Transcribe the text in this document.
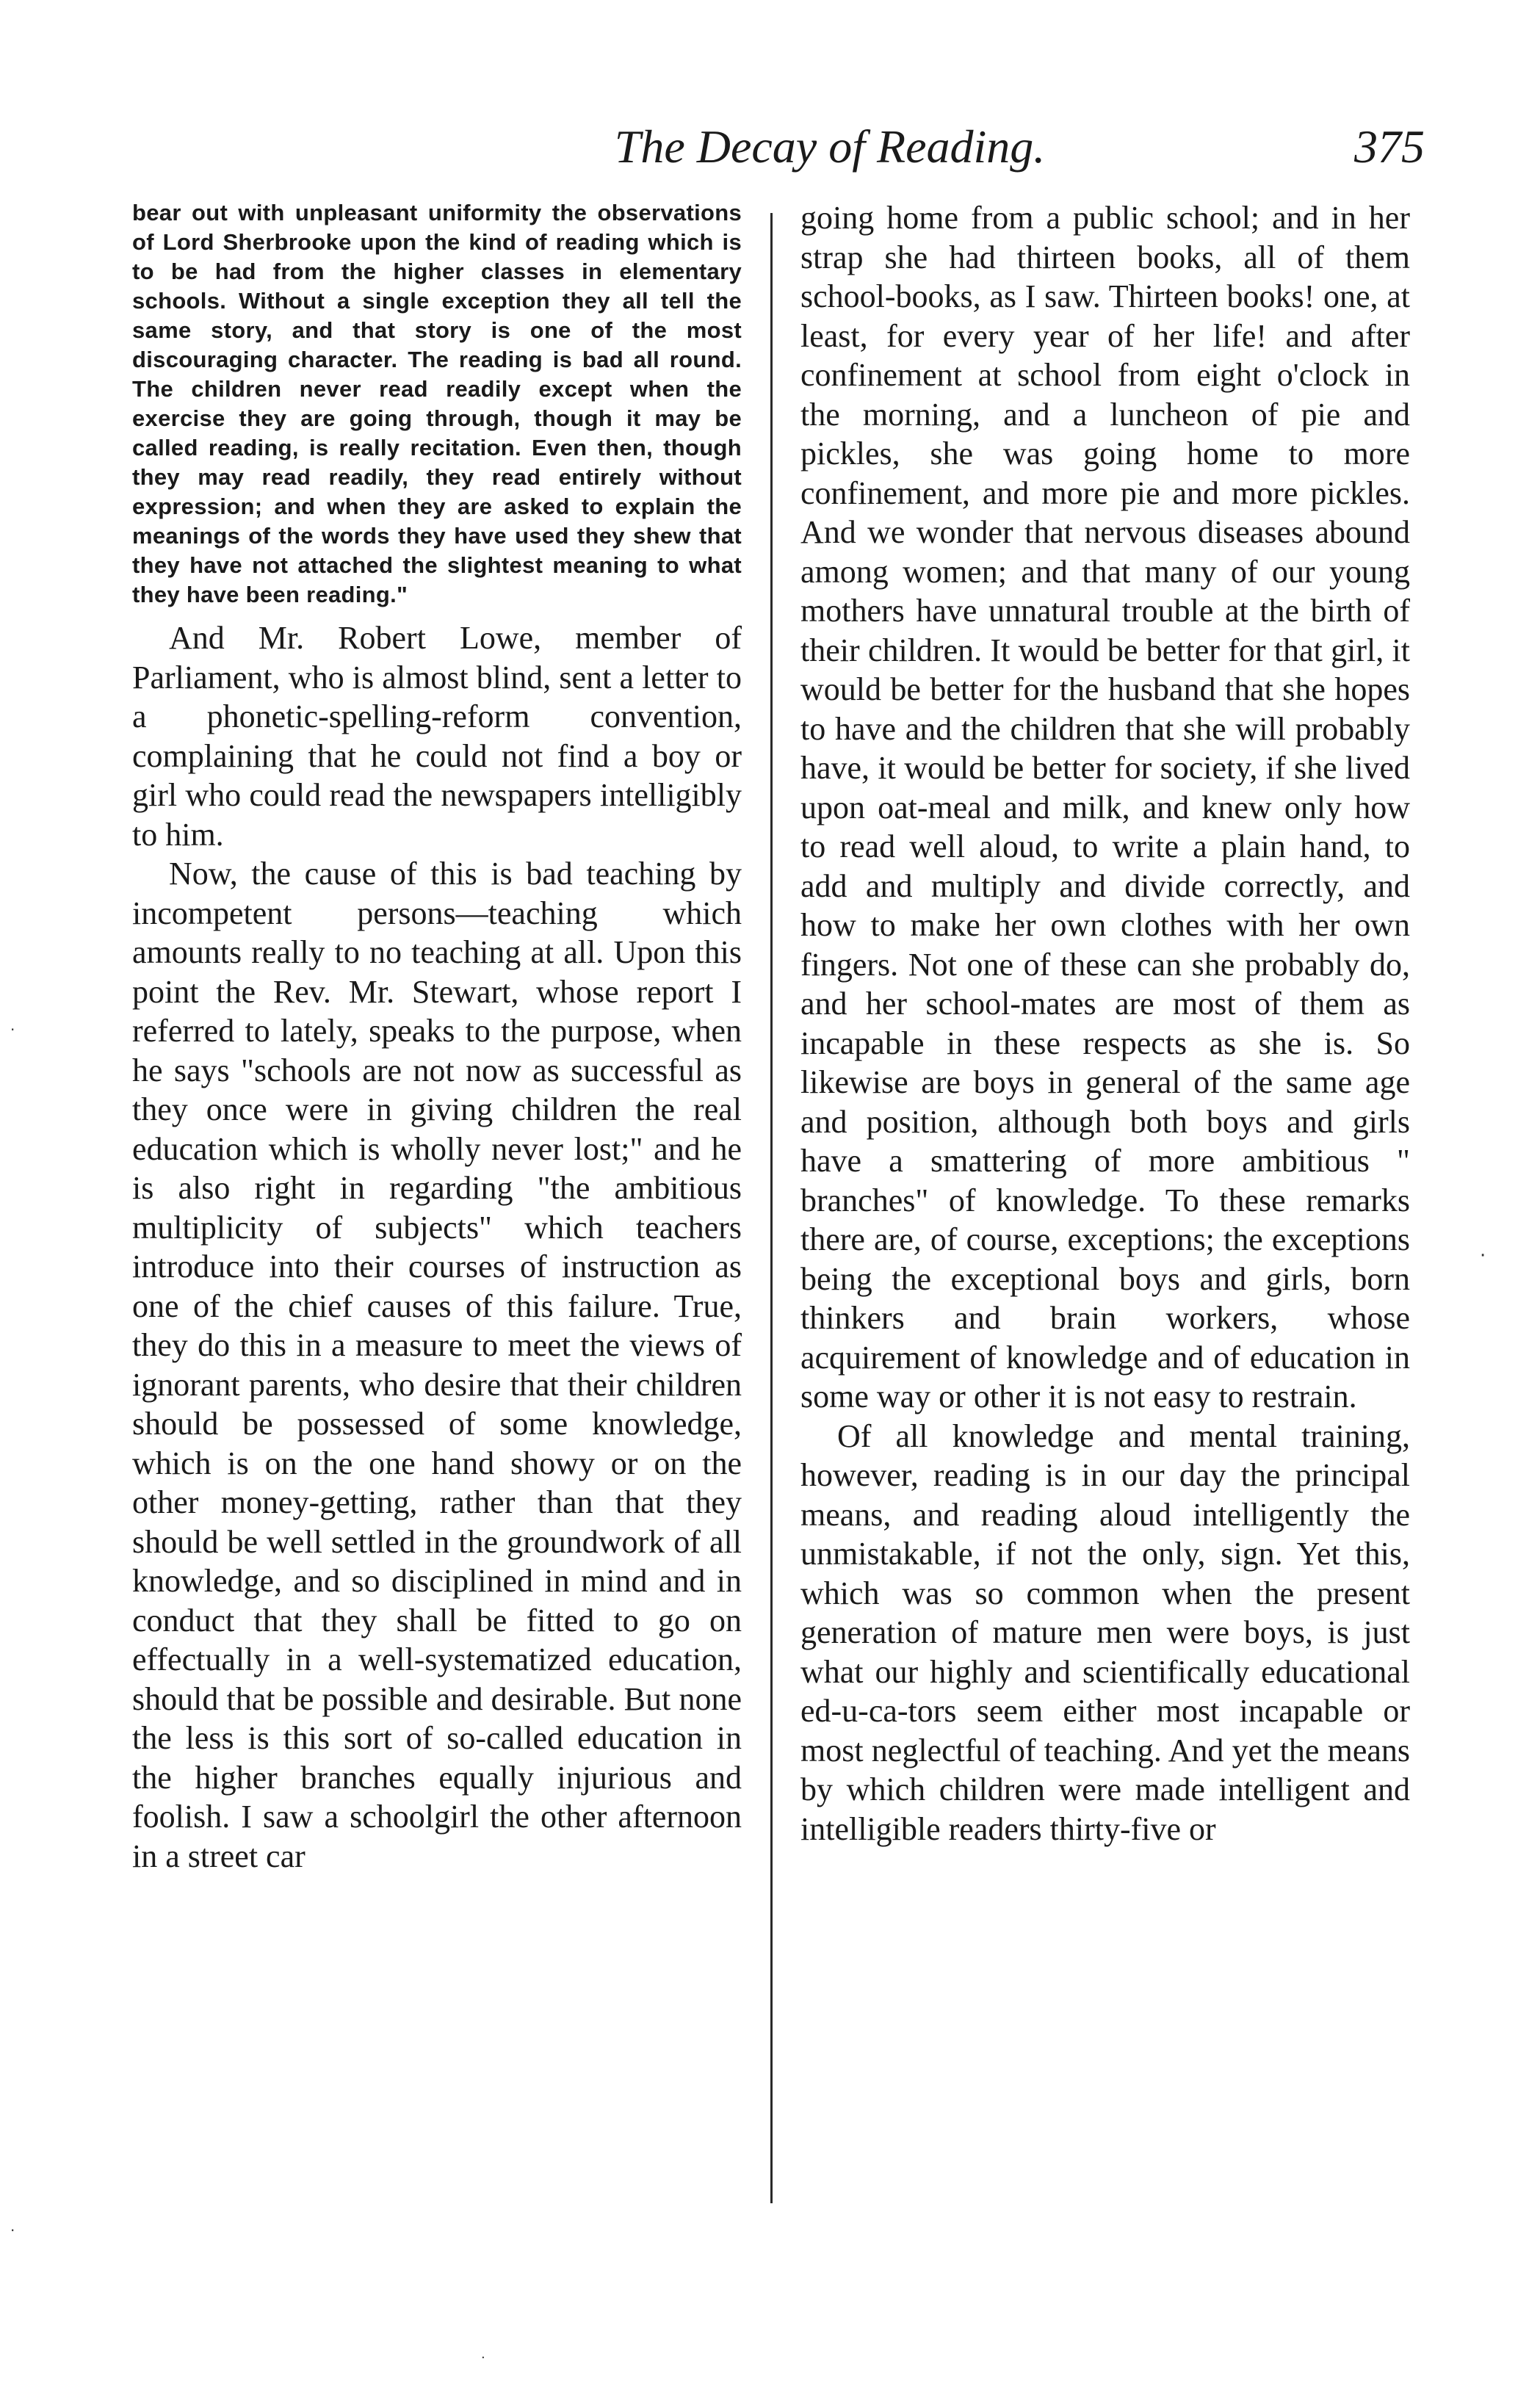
The Decay of Reading.	375

bear out with unpleasant uniformity the observations of Lord Sherbrooke upon the kind of reading which is to be had from the higher classes in elementary schools. Without a single exception they all tell the same story, and that story is one of the most discouraging character. The reading is bad all round. The children never read readily except when the exercise they are going through, though it may be called reading, is really recitation. Even then, though they may read readily, they read entirely without expression; and when they are asked to explain the meanings of the words they have used they shew that they have not attached the slightest meaning to what they have been reading."

And Mr. Robert Lowe, member of Parliament, who is almost blind, sent a letter to a phonetic-spelling-reform convention, complaining that he could not find a boy or girl who could read the newspapers intelligibly to him.

Now, the cause of this is bad teaching by incompetent persons—teaching which amounts really to no teaching at all. Upon this point the Rev. Mr. Stewart, whose report I referred to lately, speaks to the purpose, when he says "schools are not now as successful as they once were in giving children the real education which is wholly never lost;" and he is also right in regarding "the ambitious multiplicity of subjects" which teachers introduce into their courses of instruction as one of the chief causes of this failure. True, they do this in a measure to meet the views of ignorant parents, who desire that their children should be possessed of some knowledge, which is on the one hand showy or on the other money-getting, rather than that they should be well settled in the groundwork of all knowledge, and so disciplined in mind and in conduct that they shall be fitted to go on effectually in a well-systematized education, should that be possible and desirable. But none the less is this sort of so-called education in the higher branches equally injurious and foolish. I saw a schoolgirl the other afternoon in a street car

going home from a public school; and in her strap she had thirteen books, all of them school-books, as I saw. Thirteen books! one, at least, for every year of her life! and after confinement at school from eight o'clock in the morning, and a luncheon of pie and pickles, she was going home to more confinement, and more pie and more pickles. And we wonder that nervous diseases abound among women; and that many of our young mothers have unnatural trouble at the birth of their children. It would be better for that girl, it would be better for the husband that she hopes to have and the children that she will probably have, it would be better for society, if she lived upon oat-meal and milk, and knew only how to read well aloud, to write a plain hand, to add and multiply and divide correctly, and how to make her own clothes with her own fingers. Not one of these can she probably do, and her school-mates are most of them as incapable in these respects as she is. So likewise are boys in general of the same age and position, although both boys and girls have a smattering of more ambitious " branches" of knowledge. To these remarks there are, of course, exceptions; the exceptions being the exceptional boys and girls, born thinkers and brain workers, whose acquirement of knowledge and of education in some way or other it is not easy to restrain.

Of all knowledge and mental training, however, reading is in our day the principal means, and reading aloud intelligently the unmistakable, if not the only, sign. Yet this, which was so common when the present generation of mature men were boys, is just what our highly and scientifically educational ed-u-ca-tors seem either most incapable or most neglectful of teaching. And yet the means by which children were made intelligent and intelligible readers thirty-five or

·
·
·
·
